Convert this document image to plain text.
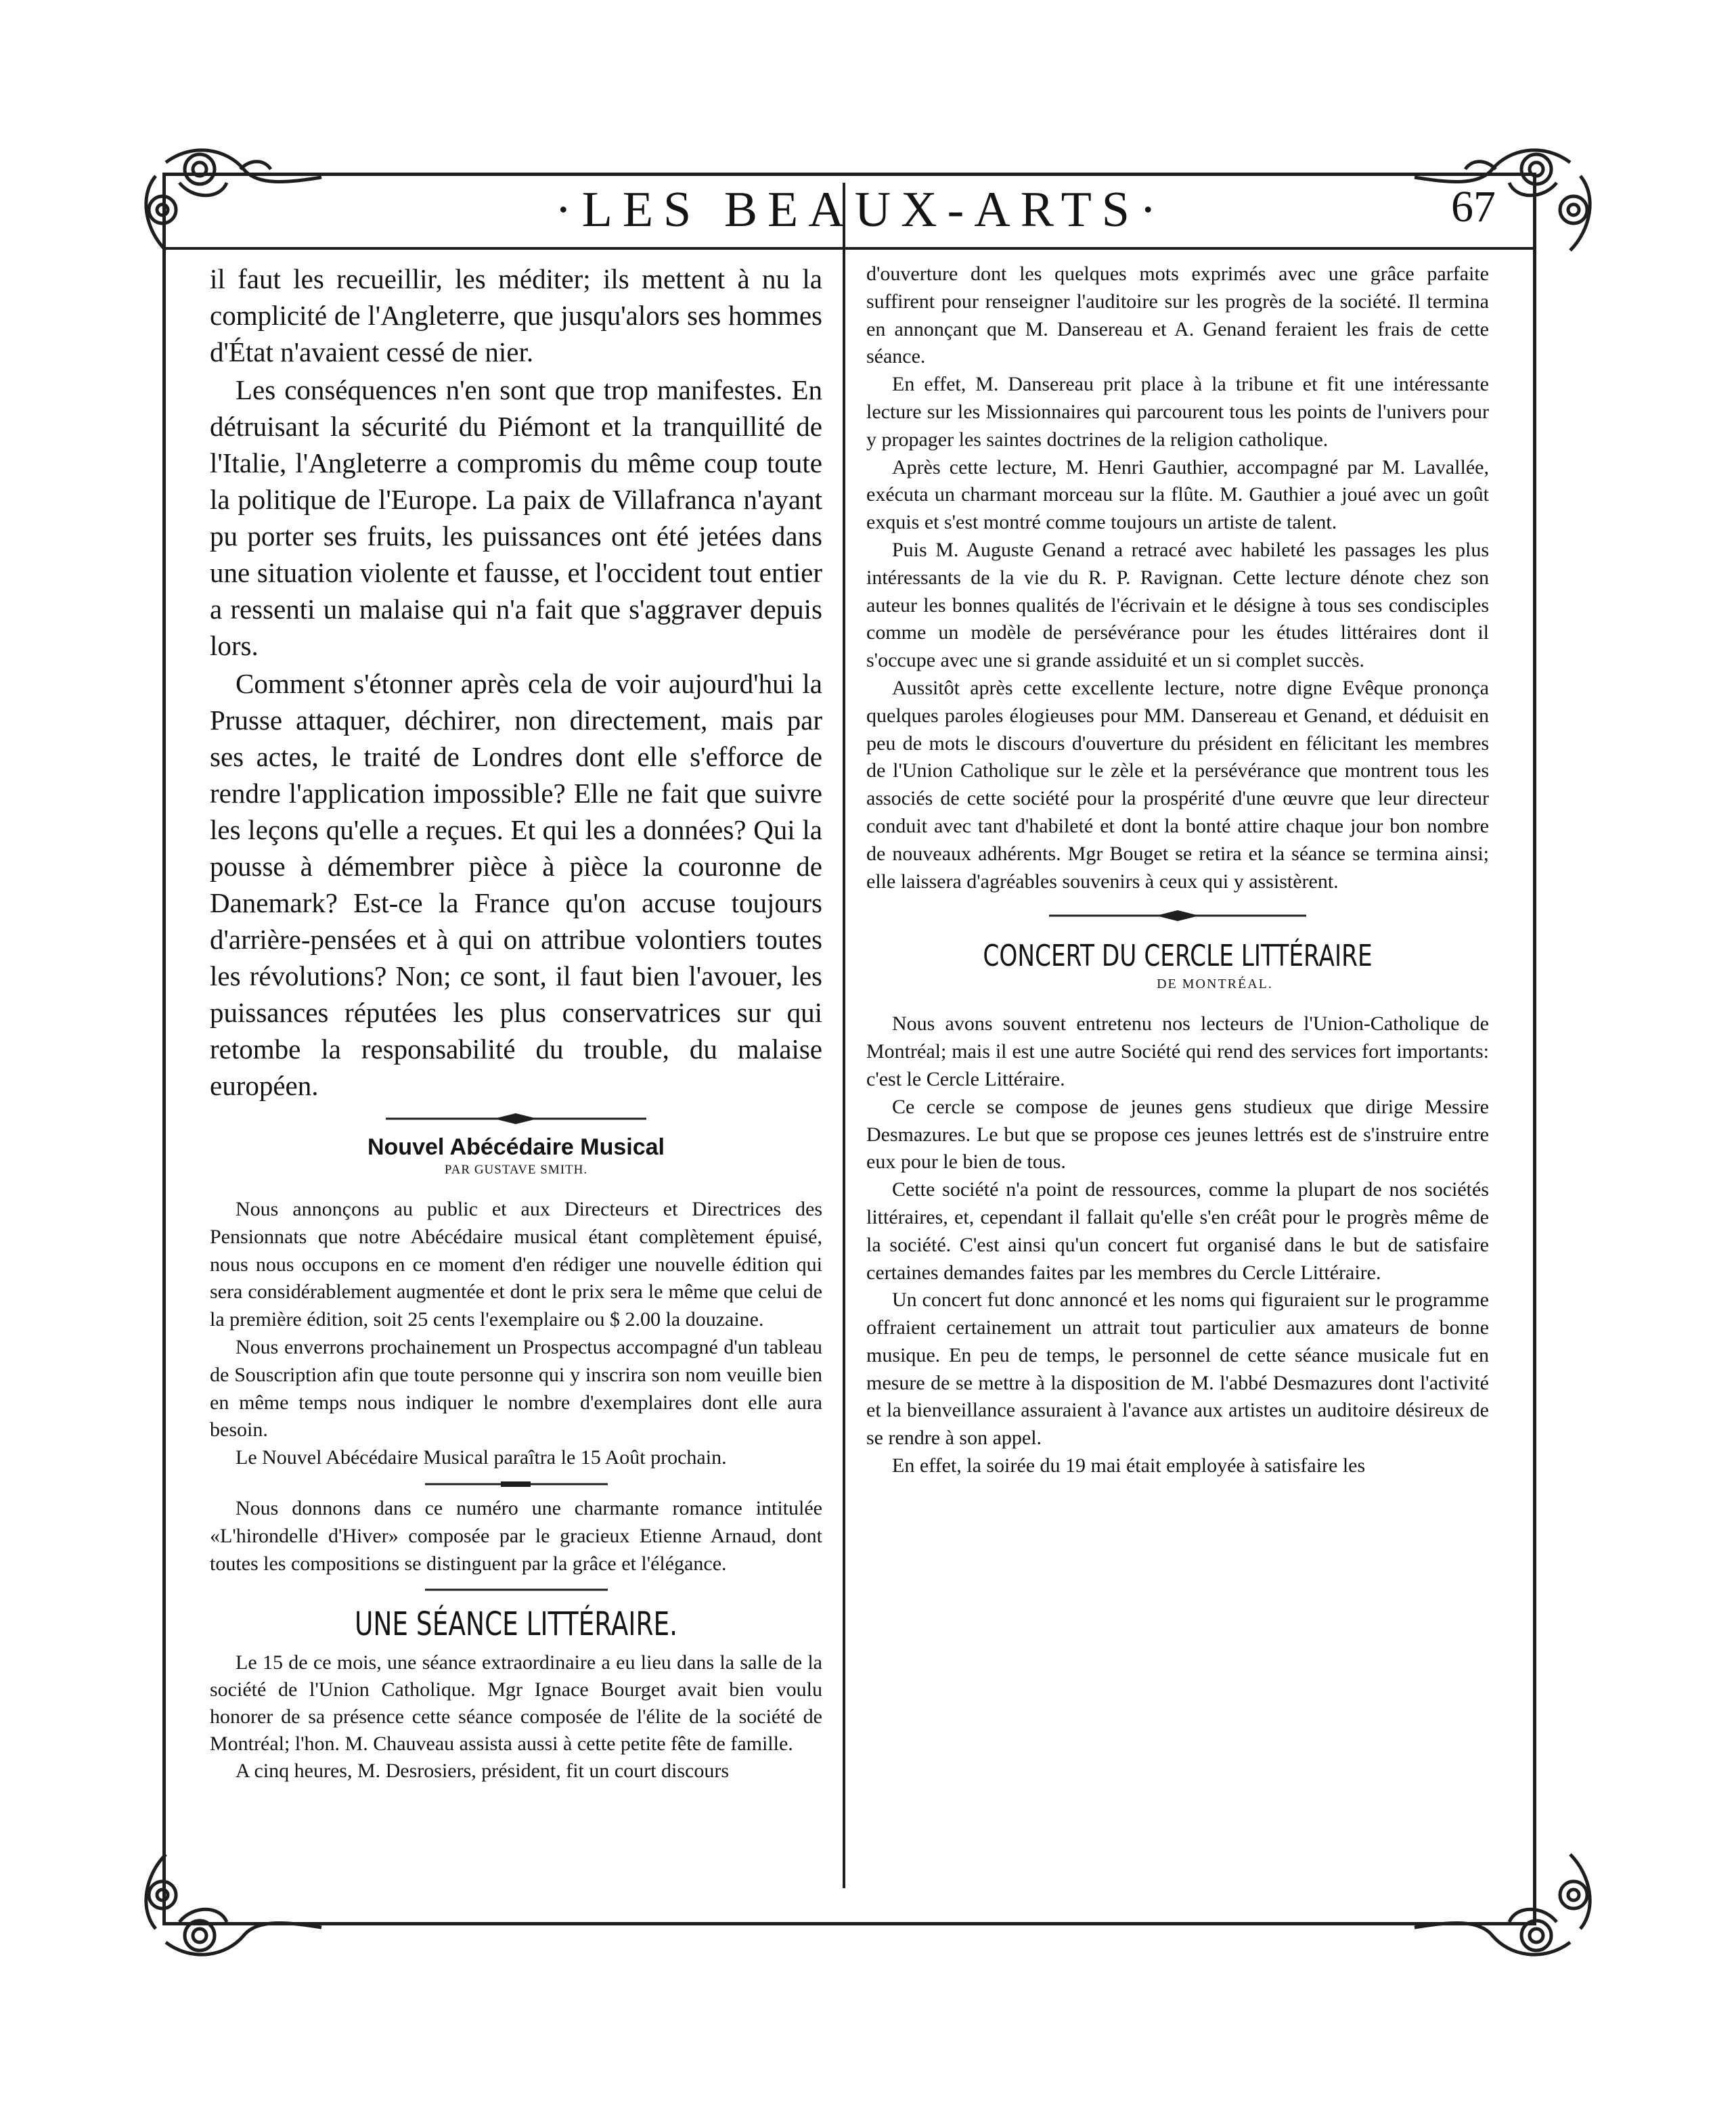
·LES BEAUX-ARTS·	67

il faut les recueillir, les méditer; ils mettent à nu la complicité de l'Angleterre, que jusqu'alors ses hommes d'État n'avaient cessé de nier.

Les conséquences n'en sont que trop manifestes. En détruisant la sécurité du Piémont et la tranquillité de l'Italie, l'Angleterre a compromis du même coup toute la politique de l'Europe. La paix de Villafranca n'ayant pu porter ses fruits, les puissances ont été jetées dans une situation violente et fausse, et l'occident tout entier a ressenti un malaise qui n'a fait que s'aggraver depuis lors.

Comment s'étonner après cela de voir aujourd'hui la Prusse attaquer, déchirer, non directement, mais par ses actes, le traité de Londres dont elle s'efforce de rendre l'application impossible? Elle ne fait que suivre les leçons qu'elle a reçues. Et qui les a données? Qui la pousse à démembrer pièce à pièce la couronne de Danemark? Est-ce la France qu'on accuse toujours d'arrière-pensées et à qui on attribue volontiers toutes les révolutions? Non; ce sont, il faut bien l'avouer, les puissances réputées les plus conservatrices sur qui retombe la responsabilité du trouble, du malaise européen.

Nouvel Abécédaire Musical
PAR GUSTAVE SMITH.

Nous annonçons au public et aux Directeurs et Directrices des Pensionnats que notre Abécédaire musical étant complètement épuisé, nous nous occupons en ce moment d'en rédiger une nouvelle édition qui sera considérablement augmentée et dont le prix sera le même que celui de la première édition, soit 25 cents l'exemplaire ou $ 2.00 la douzaine.

Nous enverrons prochainement un Prospectus accompagné d'un tableau de Souscription afin que toute personne qui y inscrira son nom veuille bien en même temps nous indiquer le nombre d'exemplaires dont elle aura besoin.

Le Nouvel Abécédaire Musical paraîtra le 15 Août prochain.

Nous donnons dans ce numéro une charmante romance intitulée «L'hirondelle d'Hiver» composée par le gracieux Etienne Arnaud, dont toutes les compositions se distinguent par la grâce et l'élégance.

UNE SÉANCE LITTÉRAIRE.

Le 15 de ce mois, une séance extraordinaire a eu lieu dans la salle de la société de l'Union Catholique. Mgr Ignace Bourget avait bien voulu honorer de sa présence cette séance composée de l'élite de la société de Montréal; l'hon. M. Chauveau assista aussi à cette petite fête de famille.

A cinq heures, M. Desrosiers, président, fit un court discours

d'ouverture dont les quelques mots exprimés avec une grâce parfaite suffirent pour renseigner l'auditoire sur les progrès de la société. Il termina en annonçant que M. Dansereau et A. Genand feraient les frais de cette séance.

En effet, M. Dansereau prit place à la tribune et fit une intéressante lecture sur les Missionnaires qui parcourent tous les points de l'univers pour y propager les saintes doctrines de la religion catholique.

Après cette lecture, M. Henri Gauthier, accompagné par M. Lavallée, exécuta un charmant morceau sur la flûte. M. Gauthier a joué avec un goût exquis et s'est montré comme toujours un artiste de talent.

Puis M. Auguste Genand a retracé avec habileté les passages les plus intéressants de la vie du R. P. Ravignan. Cette lecture dénote chez son auteur les bonnes qualités de l'écrivain et le désigne à tous ses condisciples comme un modèle de persévérance pour les études littéraires dont il s'occupe avec une si grande assiduité et un si complet succès.

Aussitôt après cette excellente lecture, notre digne Evêque prononça quelques paroles élogieuses pour MM. Dansereau et Genand, et déduisit en peu de mots le discours d'ouverture du président en félicitant les membres de l'Union Catholique sur le zèle et la persévérance que montrent tous les associés de cette société pour la prospérité d'une œuvre que leur directeur conduit avec tant d'habileté et dont la bonté attire chaque jour bon nombre de nouveaux adhérents. Mgr Bouget se retira et la séance se termina ainsi; elle laissera d'agréables souvenirs à ceux qui y assistèrent.

CONCERT DU CERCLE LITTÉRAIRE
DE MONTRÉAL.

Nous avons souvent entretenu nos lecteurs de l'Union-Catholique de Montréal; mais il est une autre Société qui rend des services fort importants: c'est le Cercle Littéraire.

Ce cercle se compose de jeunes gens studieux que dirige Messire Desmazures. Le but que se propose ces jeunes lettrés est de s'instruire entre eux pour le bien de tous.

Cette société n'a point de ressources, comme la plupart de nos sociétés littéraires, et, cependant il fallait qu'elle s'en créât pour le progrès même de la société. C'est ainsi qu'un concert fut organisé dans le but de satisfaire certaines demandes faites par les membres du Cercle Littéraire.

Un concert fut donc annoncé et les noms qui figuraient sur le programme offraient certainement un attrait tout particulier aux amateurs de bonne musique. En peu de temps, le personnel de cette séance musicale fut en mesure de se mettre à la disposition de M. l'abbé Desmazures dont l'activité et la bienveillance assuraient à l'avance aux artistes un auditoire désireux de se rendre à son appel.

En effet, la soirée du 19 mai était employée à satisfaire les
